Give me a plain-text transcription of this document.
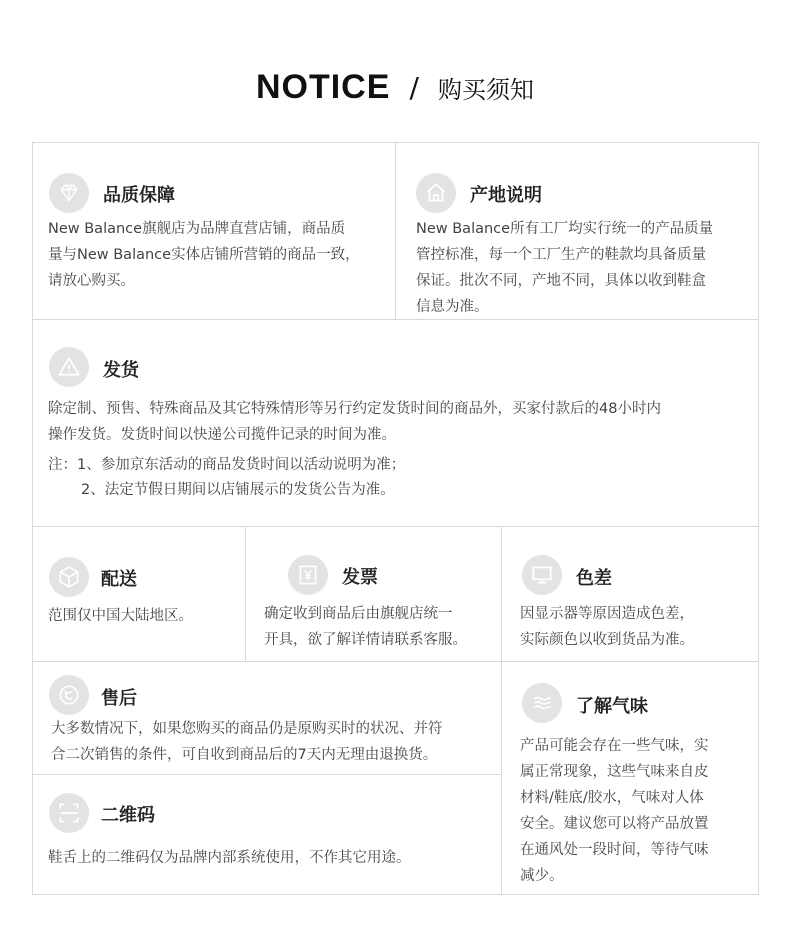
NOTICE / 购买须知
品质保障

New Balance旗舰店为品牌直营店铺，商品质

量与New Balance实体店铺所营销的商品一致，

请放心购买。

产地说明

New Balance所有工厂均实行统一的产品质量

管控标准，每一个工厂生产的鞋款均具备质量

保证。批次不同，产地不同，具体以收到鞋盒

信息为准。

发货

除定制、预售、特殊商品及其它特殊情形等另行约定发货时间的商品外，买家付款后的48小时内

操作发货。发货时间以快递公司揽件记录的时间为准。

注：1、参加京东活动的商品发货时间以活动说明为准；
2、法定节假日期间以店铺展示的发货公告为准。
配送

范围仅中国大陆地区。

发票

确定收到商品后由旗舰店统一

开具，欲了解详情请联系客服。

色差

因显示器等原因造成色差，

实际颜色以收到货品为准。

售后

大多数情况下，如果您购买的商品仍是原购买时的状况、并符

合二次销售的条件，可自收到商品后的7天内无理由退换货。

二维码

鞋舌上的二维码仅为品牌内部系统使用，不作其它用途。

了解气味

产品可能会存在一些气味，实

属正常现象，这些气味来自皮

材料/鞋底/胶水，气味对人体

安全。建议您可以将产品放置

在通风处一段时间，等待气味

减少。
